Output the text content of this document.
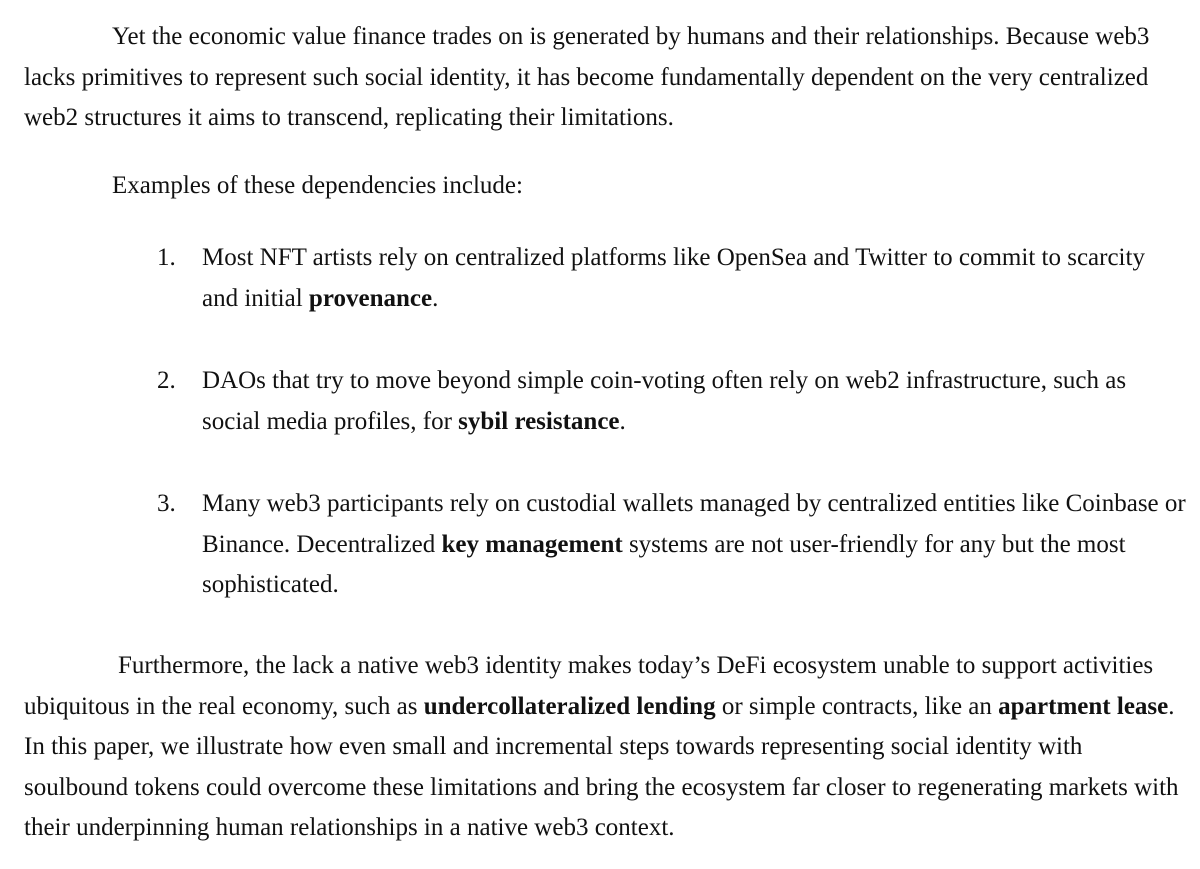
Yet the economic value finance trades on is generated by humans and their relationships. Because web3 lacks primitives to represent such social identity, it has become fundamentally dependent on the very centralized web2 structures it aims to transcend, replicating their limitations.

Examples of these dependencies include:

1. Most NFT artists rely on centralized platforms like OpenSea and Twitter to commit to scarcity and initial provenance.
2. DAOs that try to move beyond simple coin-voting often rely on web2 infrastructure, such as social media profiles, for sybil resistance.
3. Many web3 participants rely on custodial wallets managed by centralized entities like Coinbase or Binance. Decentralized key management systems are not user-friendly for any but the most sophisticated.

Furthermore, the lack a native web3 identity makes today’s DeFi ecosystem unable to support activities ubiquitous in the real economy, such as undercollateralized lending or simple contracts, like an apartment lease. In this paper, we illustrate how even small and incremental steps towards representing social identity with soulbound tokens could overcome these limitations and bring the ecosystem far closer to regenerating markets with their underpinning human relationships in a native web3 context.
